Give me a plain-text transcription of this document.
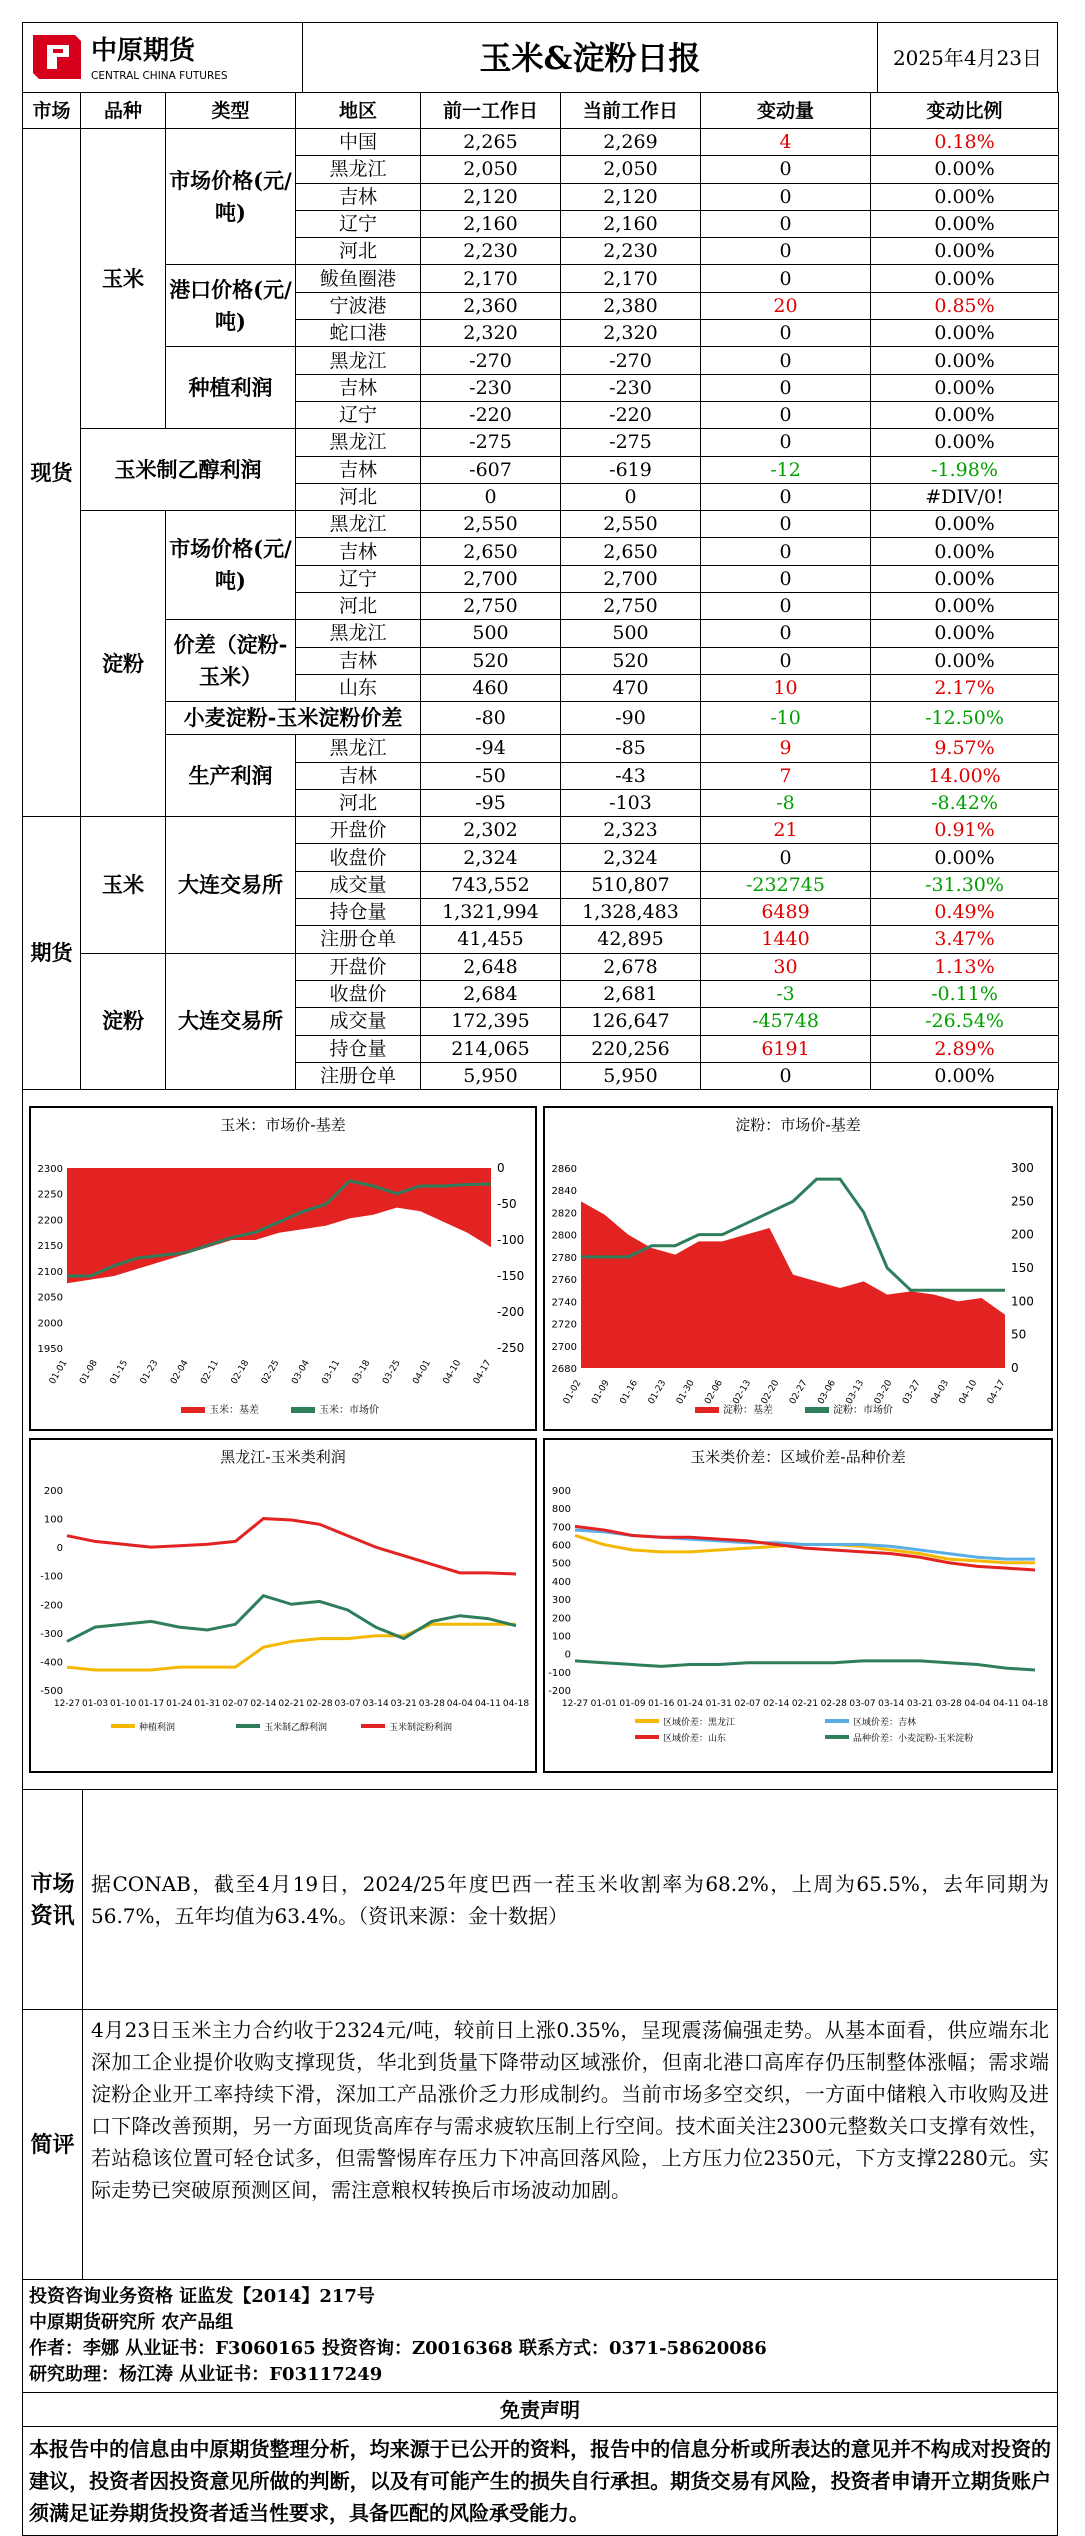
中原期货
CENTRAL CHINA FUTURES	玉米&淀粉日报	2025年4月23日
市场	品种	类型	地区	前一工作日	当前工作日	变动量	变动比例
现货	玉米	市场价格(元/吨)	中国	2,265	2,269	4	0.18%
			黑龙江	2,050	2,050	0	0.00%
			吉林	2,120	2,120	0	0.00%
			辽宁	2,160	2,160	0	0.00%
			河北	2,230	2,230	0	0.00%
		港口价格(元/吨)	鲅鱼圈港	2,170	2,170	0	0.00%
			宁波港	2,360	2,380	20	0.85%
			蛇口港	2,320	2,320	0	0.00%
		种植利润	黑龙江	-270	-270	0	0.00%
			吉林	-230	-230	0	0.00%
			辽宁	-220	-220	0	0.00%
	玉米制乙醇利润		黑龙江	-275	-275	0	0.00%
			吉林	-607	-619	-12	-1.98%
			河北	0	0	0	#DIV/0!
	淀粉	市场价格(元/吨)	黑龙江	2,550	2,550	0	0.00%
			吉林	2,650	2,650	0	0.00%
			辽宁	2,700	2,700	0	0.00%
			河北	2,750	2,750	0	0.00%
		价差（淀粉-玉米）	黑龙江	500	500	0	0.00%
			吉林	520	520	0	0.00%
			山东	460	470	10	2.17%
		小麦淀粉-玉米淀粉价差		-80	-90	-10	-12.50%
		生产利润	黑龙江	-94	-85	9	9.57%
			吉林	-50	-43	7	14.00%
			河北	-95	-103	-8	-8.42%
期货	玉米	大连交易所	开盘价	2,302	2,323	21	0.91%
			收盘价	2,324	2,324	0	0.00%
			成交量	743,552	510,807	-232745	-31.30%
			持仓量	1,321,994	1,328,483	6489	0.49%
			注册仓单	41,455	42,895	1440	3.47%
	淀粉	大连交易所	开盘价	2,648	2,678	30	1.13%
			收盘价	2,684	2,681	-3	-0.11%
			成交量	172,395	126,647	-45748	-26.54%
			持仓量	214,065	220,256	6191	2.89%
			注册仓单	5,950	5,950	0	0.00%
玉米：市场价-基差
2300
2250
2200
2150
2100
2050
2000
1950
0
-50
-100
-150
-200
-250
01-01 01-08 01-15 01-23 02-04 02-11 02-18 02-25 03-04 03-11 03-18 03-25 04-01 04-10 04-17
玉米：基差	玉米：市场价
淀粉：市场价-基差
2860
2840
2820
2800
2780
2760
2740
2720
2700
2680
300
250
200
150
100
50
0
01-02 01-09 01-16 01-23 01-30 02-06 02-13 02-20 02-27 03-06 03-13 03-20 03-27 04-03 04-10 04-17
淀粉：基差	淀粉：市场价
黑龙江-玉米类利润
200
100
0
-100
-200
-300
-400
-500
12-27 01-03 01-10 01-17 01-24 01-31 02-07 02-14 02-21 02-28 03-07 03-14 03-21 03-28 04-04 04-11 04-18
种植利润	玉米制乙醇利润	玉米制淀粉利润
玉米类价差：区域价差-品种价差
900
800
700
600
500
400
300
200
100
0
-100
-200
12-27 01-01 01-09 01-16 01-24 01-31 02-07 02-14 02-21 02-28 03-07 03-14 03-21 03-28 04-04 04-11 04-18
区域价差：黑龙江	区域价差：吉林
区域价差：山东	品种价差：小麦淀粉-玉米淀粉
市场资讯
据CONAB，截至4月19日，2024/25年度巴西一茬玉米收割率为68.2%，上周为65.5%，去年同期为56.7%，五年均值为63.4%。（资讯来源：金十数据）
简评
4月23日玉米主力合约收于2324元/吨，较前日上涨0.35%，呈现震荡偏强走势。从基本面看，供应端东北深加工企业提价收购支撑现货，华北到货量下降带动区域涨价，但南北港口高库存仍压制整体涨幅；需求端淀粉企业开工率持续下滑，深加工产品涨价乏力形成制约。当前市场多空交织，一方面中储粮入市收购及进口下降改善预期，另一方面现货高库存与需求疲软压制上行空间。技术面关注2300元整数关口支撑有效性，若站稳该位置可轻仓试多，但需警惕库存压力下冲高回落风险，上方压力位2350元，下方支撑2280元。实际走势已突破原预测区间，需注意粮权转换后市场波动加剧。
投资咨询业务资格 证监发【2014】217号
中原期货研究所 农产品组
作者：李娜 从业证书：F3060165 投资咨询：Z0016368 联系方式：0371-58620086
研究助理：杨江涛 从业证书：F03117249
免责声明
本报告中的信息由中原期货整理分析，均来源于已公开的资料，报告中的信息分析或所表达的意见并不构成对投资的建议，投资者因投资意见所做的判断，以及有可能产生的损失自行承担。期货交易有风险，投资者申请开立期货账户须满足证券期货投资者适当性要求，具备匹配的风险承受能力。
